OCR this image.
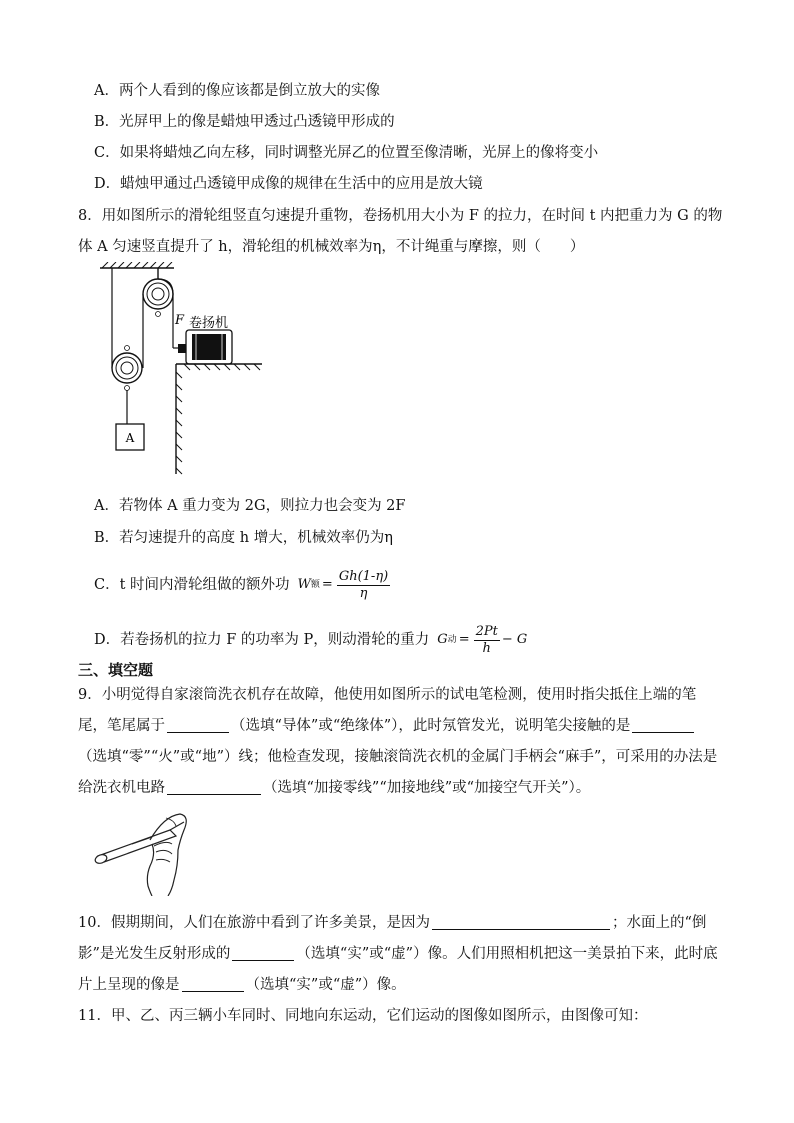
A．两个人看到的像应该都是倒立放大的实像
B．光屏甲上的像是蜡烛甲透过凸透镜甲形成的
C．如果将蜡烛乙向左移，同时调整光屏乙的位置至像清晰，光屏上的像将变小
D．蜡烛甲通过凸透镜甲成像的规律在生活中的应用是放大镜
8．用如图所示的滑轮组竖直匀速提升重物，卷扬机用大小为 F 的拉力，在时间 t 内把重力为 G 的物
体 A 匀速竖直提升了 h，滑轮组的机械效率为η，不计绳重与摩擦，则（　　）
A
F 卷扬机
A．若物体 A 重力变为 2G，则拉力也会变为 2F
B．若匀速提升的高度 h 增大，机械效率仍为η
C．t 时间内滑轮组做的额外功 W 额 = $\frac{Gh(1-\eta)}{\eta}$
D．若卷扬机的拉力 F 的功率为 P，则动滑轮的重力 G 动 = $\frac{2Pt}{h} - G$
三、填空题
9．小明觉得自家滚筒洗衣机存在故障，他使用如图所示的试电笔检测，使用时指尖抵住上端的笔
尾，笔尾属于	（选填“导体”或“绝缘体”），此时氖管发光，说明笔尖接触的是
（选填“零”“火”或“地”）线；他检查发现，接触滚筒洗衣机的金属门手柄会“麻手”，可采用的办法是
给洗衣机电路	（选填“加接零线”“加接地线”或“加接空气开关”）。
10．假期期间，人们在旅游中看到了许多美景，是因为	；水面上的“倒
影”是光发生反射形成的	（选填“实”或“虚”）像。人们用照相机把这一美景拍下来，此时底
片上呈现的像是	（选填“实”或“虚”）像。
11．甲、乙、丙三辆小车同时、同地向东运动，它们运动的图像如图所示，由图像可知：
